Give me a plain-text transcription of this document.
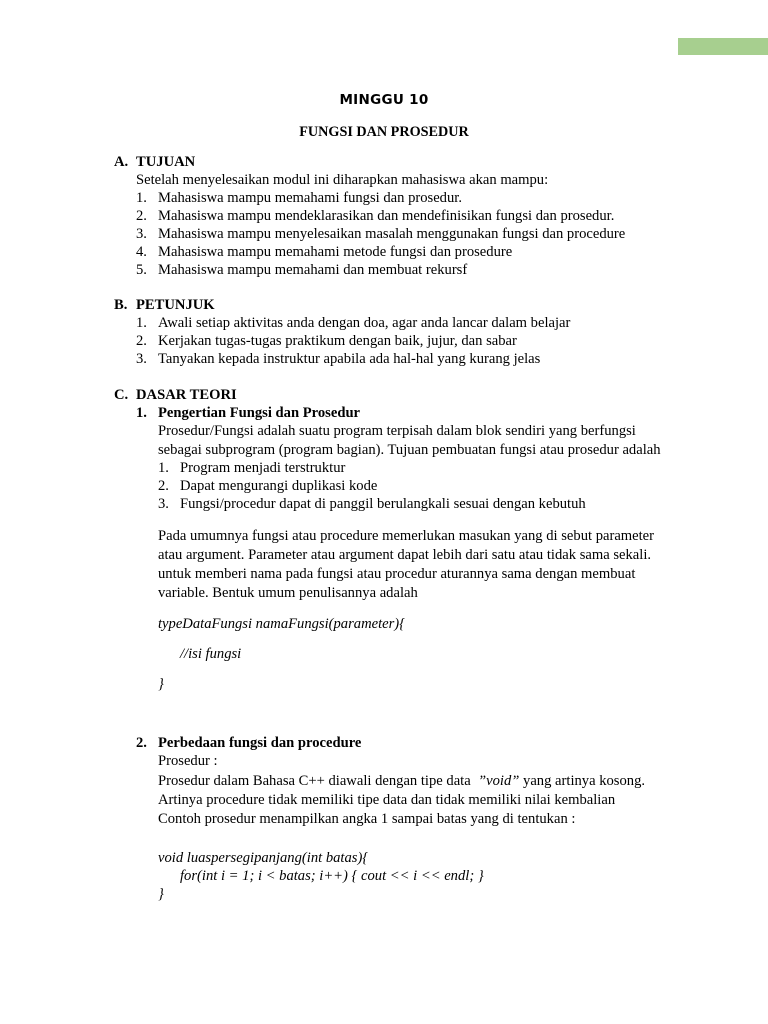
MINGGU 10
FUNGSI DAN PROSEDUR
A. TUJUAN
Setelah menyelesaikan modul ini diharapkan mahasiswa akan mampu:
1. Mahasiswa mampu memahami fungsi dan prosedur.
2. Mahasiswa mampu mendeklarasikan dan mendefinisikan fungsi dan prosedur.
3. Mahasiswa mampu menyelesaikan masalah menggunakan fungsi dan procedure
4. Mahasiswa mampu memahami metode fungsi dan prosedure
5. Mahasiswa mampu memahami dan membuat rekursf
B. PETUNJUK
1. Awali setiap aktivitas anda dengan doa, agar anda lancar dalam belajar
2. Kerjakan tugas-tugas praktikum dengan baik, jujur, dan sabar
3. Tanyakan kepada instruktur apabila ada hal-hal yang kurang jelas
C. DASAR TEORI
1. Pengertian Fungsi dan Prosedur
Prosedur/Fungsi adalah suatu program terpisah dalam blok sendiri yang berfungsi
sebagai subprogram (program bagian). Tujuan pembuatan fungsi atau prosedur adalah
1. Program menjadi terstruktur
2. Dapat mengurangi duplikasi kode
3. Fungsi/procedur dapat di panggil berulangkali sesuai dengan kebutuh
Pada umumnya fungsi atau procedure memerlukan masukan yang di sebut parameter
atau argument. Parameter atau argument dapat lebih dari satu atau tidak sama sekali.
untuk memberi nama pada fungsi atau procedur aturannya sama dengan membuat
variable. Bentuk umum penulisannya adalah
typeDataFungsi namaFungsi(parameter){
//isi fungsi
}
2. Perbedaan fungsi dan procedure
Prosedur :
Prosedur dalam Bahasa C++ diawali dengan tipe data ”void” yang artinya kosong.
Artinya procedure tidak memiliki tipe data dan tidak memiliki nilai kembalian
Contoh prosedur menampilkan angka 1 sampai batas yang di tentukan :
void luaspersegipanjang(int batas){
for(int i = 1; i < batas; i++) { cout << i << endl; }
}
